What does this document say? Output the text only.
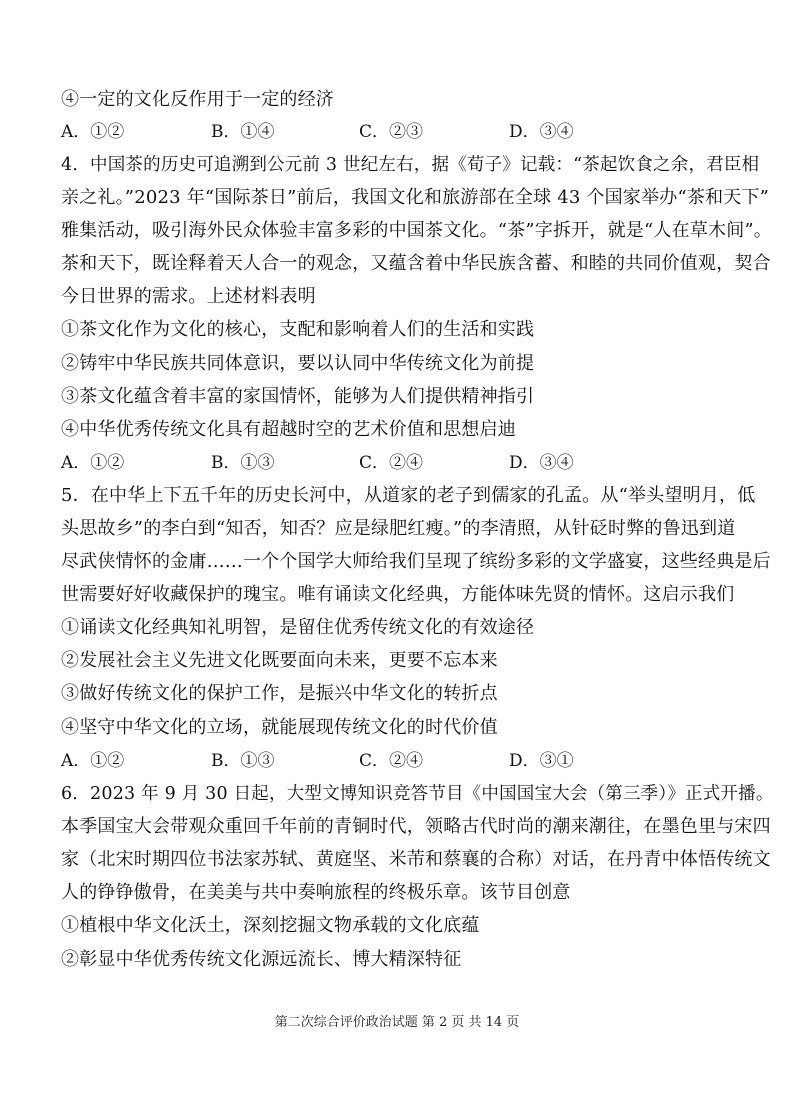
④一定的文化反作用于一定的经济
A．①②	B．①④	C．②③	D．③④
4．中国茶的历史可追溯到公元前 3 世纪左右，据《荀子》记载：“茶起饮食之余，君臣相
亲之礼。”2023 年“国际茶日”前后，我国文化和旅游部在全球 43 个国家举办“茶和天下”
雅集活动，吸引海外民众体验丰富多彩的中国茶文化。“茶”字拆开，就是“人在草木间”。
茶和天下，既诠释着天人合一的观念，又蕴含着中华民族含蓄、和睦的共同价值观，契合
今日世界的需求。上述材料表明
①茶文化作为文化的核心，支配和影响着人们的生活和实践
②铸牢中华民族共同体意识，要以认同中华传统文化为前提
③茶文化蕴含着丰富的家国情怀，能够为人们提供精神指引
④中华优秀传统文化具有超越时空的艺术价值和思想启迪
A．①②	B．①③	C．②④	D．③④
5．在中华上下五千年的历史长河中，从道家的老子到儒家的孔孟。从“举头望明月，低
头思故乡”的李白到“知否，知否？应是绿肥红瘦。”的李清照，从针砭时弊的鲁迅到道
尽武侠情怀的金庸……一个个国学大师给我们呈现了缤纷多彩的文学盛宴，这些经典是后
世需要好好收藏保护的瑰宝。唯有诵读文化经典，方能体味先贤的情怀。这启示我们
①诵读文化经典知礼明智，是留住优秀传统文化的有效途径
②发展社会主义先进文化既要面向未来，更要不忘本来
③做好传统文化的保护工作，是振兴中华文化的转折点
④坚守中华文化的立场，就能展现传统文化的时代价值
A．①②	B．①③	C．②④	D．③①
6．2023 年 9 月 30 日起，大型文博知识竞答节目《中国国宝大会（第三季）》正式开播。
本季国宝大会带观众重回千年前的青铜时代，领略古代时尚的潮来潮往，在墨色里与宋四
家（北宋时期四位书法家苏轼、黄庭坚、米芾和蔡襄的合称）对话，在丹青中体悟传统文
人的铮铮傲骨，在美美与共中奏响旅程的终极乐章。该节目创意
①植根中华文化沃土，深刻挖掘文物承载的文化底蕴
②彰显中华优秀传统文化源远流长、博大精深特征
第二次综合评价政治试题 第 2 页 共 14 页
